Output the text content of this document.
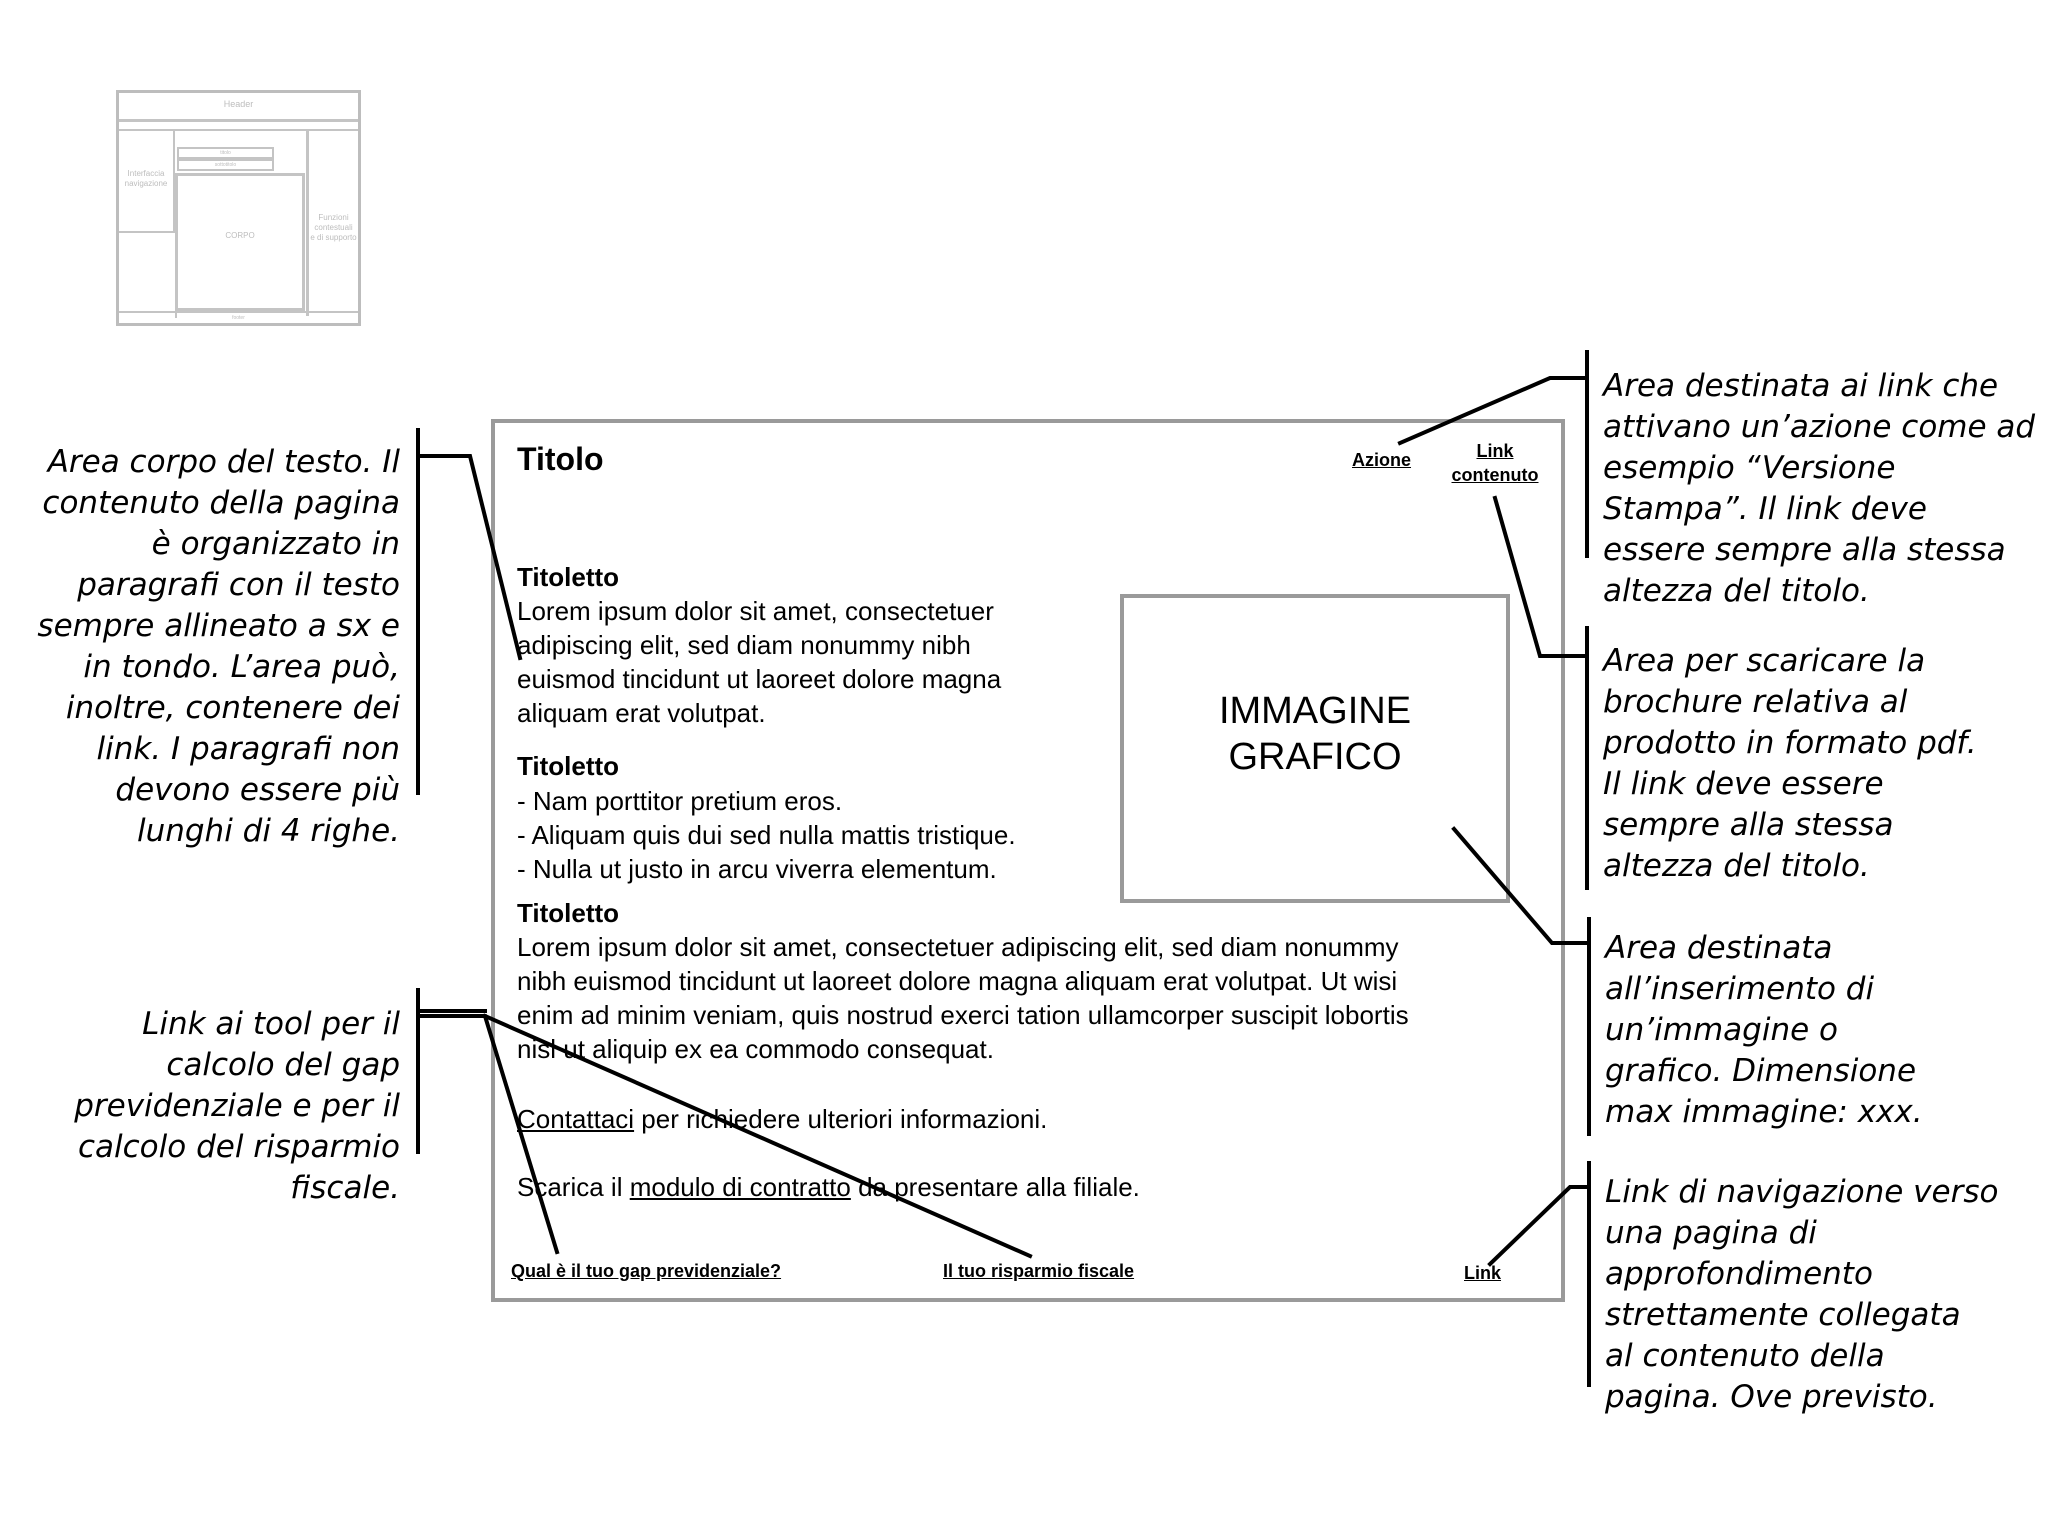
Header
Interfaccia
navigazione
titolo
sottotitolo
CORPO
Funzioni
contestuali
e di supporto
footer
Titolo	Azione	Link
contenuto
Titoletto
Lorem ipsum dolor sit amet, consectetuer
adipiscing elit, sed diam nonummy nibh
euismod tincidunt ut laoreet dolore magna
aliquam erat volutpat.
Titoletto
- Nam porttitor pretium eros.
- Aliquam quis dui sed nulla mattis tristique.
- Nulla ut justo in arcu viverra elementum.
Titoletto
Lorem ipsum dolor sit amet, consectetuer adipiscing elit, sed diam nonummy
nibh euismod tincidunt ut laoreet dolore magna aliquam erat volutpat. Ut wisi
enim ad minim veniam, quis nostrud exerci tation ullamcorper suscipit lobortis
nisl ut aliquip ex ea commodo consequat.
Contattaci per richiedere ulteriori informazioni.
Scarica il modulo di contratto da presentare alla filiale.
IMMAGINE
GRAFICO
Qual è il tuo gap previdenziale?	Il tuo risparmio fiscale	Link
Area corpo del testo. Il
contenuto della pagina
è organizzato in
paragrafi con il testo
sempre allineato a sx e
in tondo. L’area può,
inoltre, contenere dei
link. I paragrafi non
devono essere più
lunghi di 4 righe.
Link ai tool per il
calcolo del gap
previdenziale e per il
calcolo del risparmio
fiscale.
Area destinata ai link che
attivano un’azione come ad
esempio “Versione
Stampa”. Il link deve
essere sempre alla stessa
altezza del titolo.
Area per scaricare la
brochure relativa al
prodotto in formato pdf.
Il link deve essere
sempre alla stessa
altezza del titolo.
Area destinata
all’inserimento di
un’immagine o
grafico. Dimensione
max immagine: xxx.
Link di navigazione verso
una pagina di
approfondimento
strettamente collegata
al contenuto della
pagina. Ove previsto.
